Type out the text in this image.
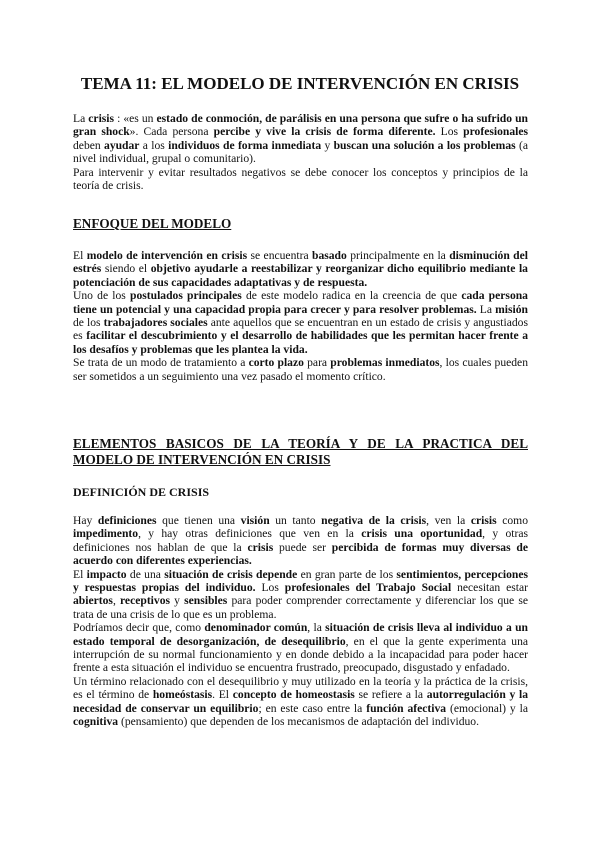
TEMA 11: EL MODELO DE INTERVENCIÓN EN CRISIS

La crisis : «es un estado de conmoción, de parálisis en una persona que sufre o ha sufrido un gran shock». Cada persona percibe y vive la crisis de forma diferente. Los profesionales deben ayudar a los individuos de forma inmediata y buscan una solución a los problemas (a nivel individual, grupal o comunitario).

Para intervenir y evitar resultados negativos se debe conocer los conceptos y principios de la teoría de crisis.

ENFOQUE DEL MODELO

El modelo de intervención en crisis se encuentra basado principalmente en la disminución del estrés siendo el objetivo ayudarle a reestabilizar y reorganizar dicho equilibrio mediante la potenciación de sus capacidades adaptativas y de respuesta.

Uno de los postulados principales de este modelo radica en la creencia de que cada persona tiene un potencial y una capacidad propia para crecer y para resolver problemas. La misión de los trabajadores sociales ante aquellos que se encuentran en un estado de crisis y angustiados es facilitar el descubrimiento y el desarrollo de habilidades que les permitan hacer frente a los desafíos y problemas que les plantea la vida.

Se trata de un modo de tratamiento a corto plazo para problemas inmediatos, los cuales pueden ser sometidos a un seguimiento una vez pasado el momento crítico.

ELEMENTOS BASICOS DE LA TEORÍA Y DE LA PRACTICA DEL MODELO DE INTERVENCIÓN EN CRISIS
DEFINICIÓN DE CRISIS

Hay definiciones que tienen una visión un tanto negativa de la crisis, ven la crisis como impedimento, y hay otras definiciones que ven en la crisis una oportunidad, y otras definiciones nos hablan de que la crisis puede ser percibida de formas muy diversas de acuerdo con diferentes experiencias.

El impacto de una situación de crisis depende en gran parte de los sentimientos, percepciones y respuestas propias del individuo. Los profesionales del Trabajo Social necesitan estar abiertos, receptivos y sensibles para poder comprender correctamente y diferenciar los que se trata de una crisis de lo que es un problema.

Podríamos decir que, como denominador común, la situación de crisis lleva al individuo a un estado temporal de desorganización, de desequilibrio, en el que la gente experimenta una interrupción de su normal funcionamiento y en donde debido a la incapacidad para poder hacer frente a esta situación el individuo se encuentra frustrado, preocupado, disgustado y enfadado.

Un término relacionado con el desequilibrio y muy utilizado en la teoría y la práctica de la crisis, es el término de homeóstasis. El concepto de homeostasis se refiere a la autorregulación y la necesidad de conservar un equilibrio; en este caso entre la función afectiva (emocional) y la cognitiva (pensamiento) que dependen de los mecanismos de adaptación del individuo.
